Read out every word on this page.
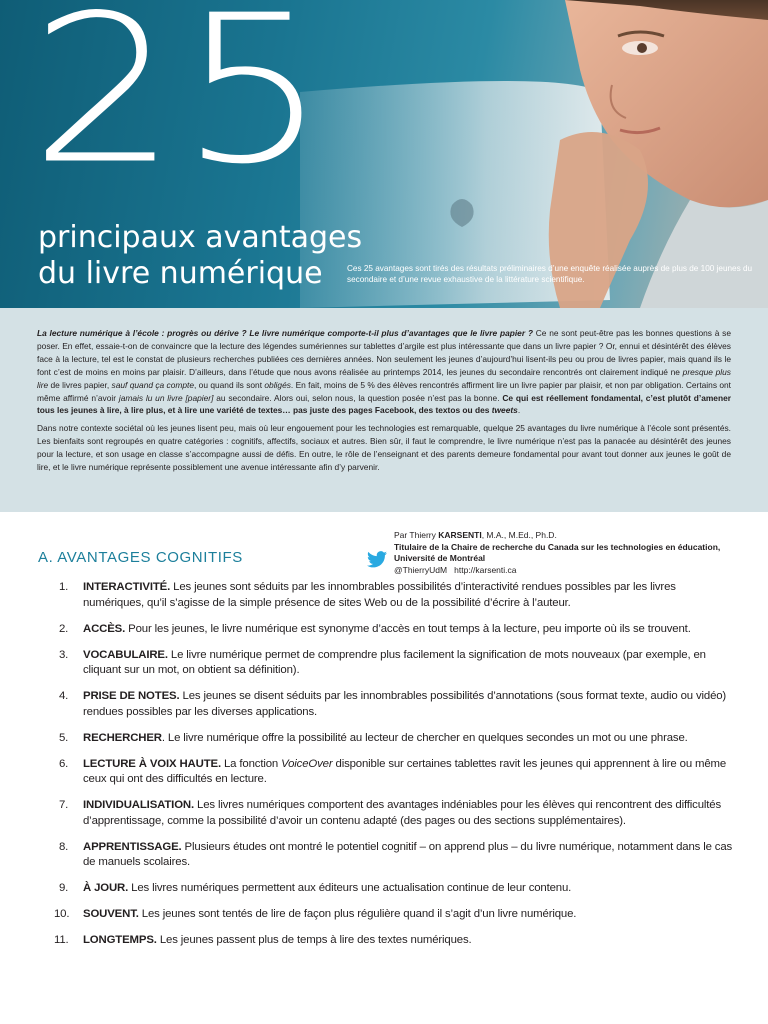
25
principaux avantages
du livre numérique	Ces 25 avantages sont tirés des résultats préliminaires d’une enquête réalisée auprès de plus de 100 jeunes du secondaire et d’une revue exhaustive de la littérature scientifique.

La lecture numérique à l’école : progrès ou dérive ? Le livre numérique comporte-t-il plus d’avantages que le livre papier ? Ce ne sont peut-être pas les bonnes questions à se poser. En effet, essaie-t-on de convaincre que la lecture des légendes sumériennes sur tablettes d’argile est plus intéressante que dans un livre papier ? Or, ennui et désintérêt des élèves face à la lecture, tel est le constat de plusieurs recherches publiées ces dernières années. Non seulement les jeunes d’aujourd’hui lisent-ils peu ou prou de livres papier, mais quand ils le font c’est de moins en moins par plaisir. D’ailleurs, dans l’étude que nous avons réalisée au printemps 2014, les jeunes du secondaire rencontrés ont clairement indiqué ne presque plus lire de livres papier, sauf quand ça compte, ou quand ils sont obligés. En fait, moins de 5 % des élèves rencontrés affirment lire un livre papier par plaisir, et non par obligation. Certains ont même affirmé n’avoir jamais lu un livre [papier] au secondaire. Alors oui, selon nous, la question posée n’est pas la bonne. Ce qui est réellement fondamental, c’est plutôt d’amener tous les jeunes à lire, à lire plus, et à lire une variété de textes… pas juste des pages Facebook, des textos ou des tweets.

Dans notre contexte sociétal où les jeunes lisent peu, mais où leur engouement pour les technologies est remarquable, quelque 25 avantages du livre numérique à l’école sont présentés. Les bienfaits sont regroupés en quatre catégories : cognitifs, affectifs, sociaux et autres. Bien sûr, il faut le comprendre, le livre numérique n’est pas la panacée au désintérêt des jeunes pour la lecture, et son usage en classe s’accompagne aussi de défis. En outre, le rôle de l’enseignant et des parents demeure fondamental pour avant tout donner aux jeunes le goût de lire, et le livre numérique représente possiblement une avenue intéressante afin d’y parvenir.

A. AVANTAGES COGNITIFS
Par Thierry KARSENTI, M.A., M.Ed., Ph.D.
Titulaire de la Chaire de recherche du Canada sur les technologies en éducation, Université de Montréal
@ThierryUdM http://karsenti.ca
1.	INTERACTIVITÉ. Les jeunes sont séduits par les innombrables possibilités d’interactivité rendues possibles par les livres numériques, qu’il s’agisse de la simple présence de sites Web ou de la possibilité d’écrire à l’auteur.
2.	ACCÈS. Pour les jeunes, le livre numérique est synonyme d’accès en tout temps à la lecture, peu importe où ils se trouvent.
3.	VOCABULAIRE. Le livre numérique permet de comprendre plus facilement la signification de mots nouveaux (par exemple, en cliquant sur un mot, on obtient sa définition).
4.	PRISE DE NOTES. Les jeunes se disent séduits par les innombrables possibilités d’annotations (sous format texte, audio ou vidéo) rendues possibles par les diverses applications.
5.	RECHERCHER. Le livre numérique offre la possibilité au lecteur de chercher en quelques secondes un mot ou une phrase.
6.	LECTURE À VOIX HAUTE. La fonction VoiceOver disponible sur certaines tablettes ravit les jeunes qui apprennent à lire ou même ceux qui ont des difficultés en lecture.
7.	INDIVIDUALISATION. Les livres numériques comportent des avantages indéniables pour les élèves qui rencontrent des difficultés d’apprentissage, comme la possibilité d’avoir un contenu adapté (des pages ou des sections supplémentaires).
8.	APPRENTISSAGE. Plusieurs études ont montré le potentiel cognitif – on apprend plus – du livre numérique, notamment dans le cas de manuels scolaires.
9.	À JOUR. Les livres numériques permettent aux éditeurs une actualisation continue de leur contenu.
10.	SOUVENT. Les jeunes sont tentés de lire de façon plus régulière quand il s’agit d’un livre numérique.
11.	LONGTEMPS. Les jeunes passent plus de temps à lire des textes numériques.
